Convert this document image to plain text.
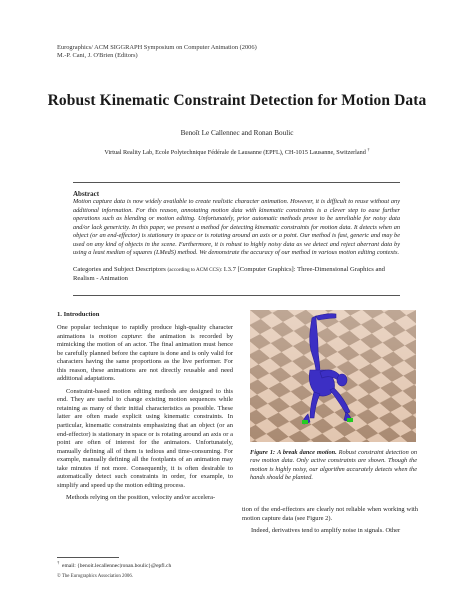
Eurographics/ ACM SIGGRAPH Symposium on Computer Animation (2006)
M.-P. Cani, J. O'Brien (Editors)
Robust Kinematic Constraint Detection for Motion Data
Benoît Le Callennec and Ronan Boulic
Virtual Reality Lab, Ecole Polytechnique Fédérale de Lausanne (EPFL), CH-1015 Lausanne, Switzerland †
Abstract
Motion capture data is now widely available to create realistic character animation. However, it is difficult to reuse without any additional information. For this reason, annotating motion data with kinematic constraints is a clever step to ease further operations such as blending or motion editing. Unfortunately, prior automatic methods prove to be unreliable for noisy data and/or lack genericity. In this paper, we present a method for detecting kinematic constraints for motion data. It detects when an object (or an end-effector) is stationary in space or is rotating around an axis or a point. Our method is fast, generic and may be used on any kind of objects in the scene. Furthermore, it is robust to highly noisy data as we detect and reject aberrant data by using a least median of squares (LMedS) method. We demonstrate the accuracy of our method in various motion editing contexts.
Categories and Subject Descriptors (according to ACM CCS): I.3.7 [Computer Graphics]: Three-Dimensional Graphics and Realism - Animation
1. Introduction

One popular technique to rapidly produce high-quality character animations is motion capture: the animation is recorded by mimicking the motion of an actor. The final animation must hence be carefully planned before the capture is done and is only valid for characters having the same proportions as the live performer. For this reason, these animations are not directly reusable and need additional adaptations.

Constraint-based motion editing methods are designed to this end. They are useful to change existing motion sequences while retaining as many of their initial characteristics as possible. These latter are often made explicit using kinematic constraints. In particular, kinematic constraints emphasizing that an object (or an end-effector) is stationary in space or is rotating around an axis or a point are often of interest for the animators. Unfortunately, manually defining all of them is tedious and time-consuming. For example, manually defining all the footplants of an animation may take minutes if not more. Consequently, it is often desirable to automatically detect such constraints in order, for example, to simplify and speed up the motion editing process.

Methods relying on the position, velocity and/or accelera-

†  email: {benoit.lecallennec|ronan.boulic}@epfl.ch
© The Eurographics Association 2006.
Figure 1: A break dance motion. Robust constraint detection on raw motion data. Only active constraints are shown. Though the motion is highly noisy, our algorithm accurately detects when the hands should be planted.

tion of the end-effectors are clearly not reliable when working with motion capture data (see Figure 2).

Indeed, derivatives tend to amplify noise in signals. Other
